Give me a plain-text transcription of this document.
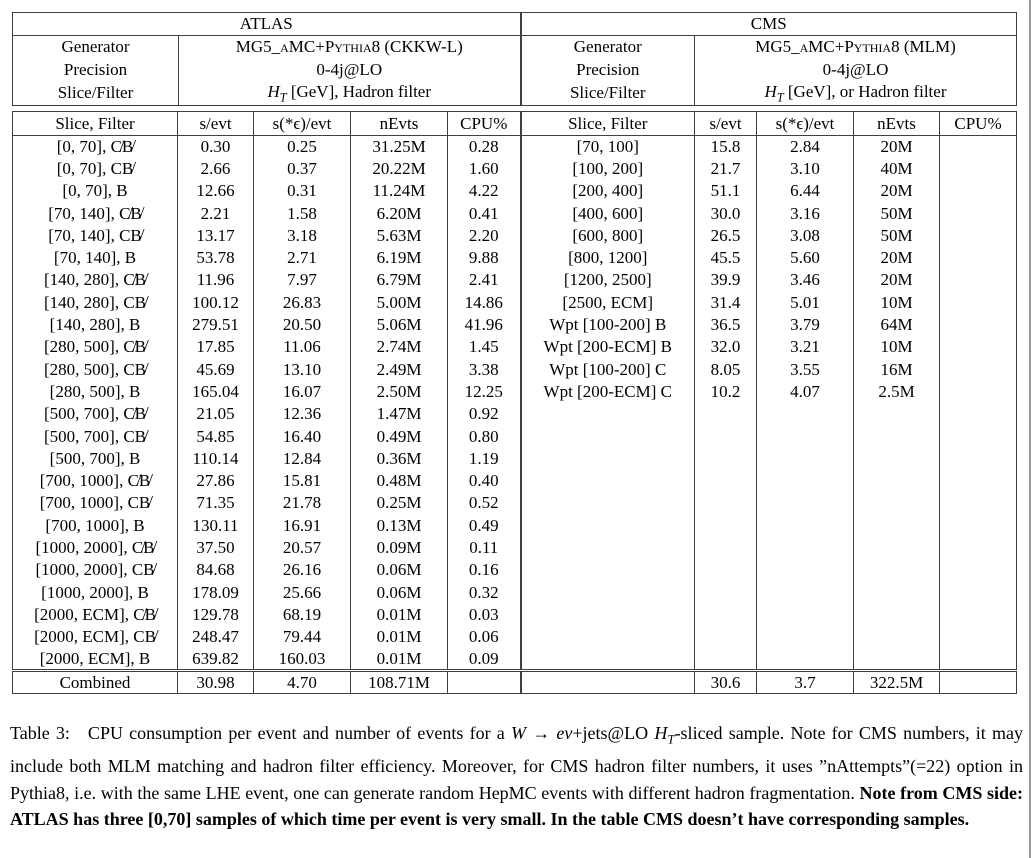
ATLAS		CMS	
Generator	MG5_aMC+Pythia8 (CKKW-L)	Generator	MG5_aMC+Pythia8 (MLM)
Precision	0-4j@LO	Precision	0-4j@LO
Slice/Filter	$H_T$ [GeV], Hadron filter	Slice/Filter	$H_T$ [GeV], or Hadron filter
Slice, Filter	s/evt	s(*ϵ)/evt	nEvts	CPU%	Slice, Filter	s/evt	s(*ϵ)/evt	nEvts	CPU%
[0, 70], C̸B̸	0.30	0.25	31.25M	0.28	[70, 100]	15.8	2.84	20M	
[0, 70], CB̸	2.66	0.37	20.22M	1.60	[100, 200]	21.7	3.10	40M	
[0, 70], B	12.66	0.31	11.24M	4.22	[200, 400]	51.1	6.44	20M	
[70, 140], C̸B̸	2.21	1.58	6.20M	0.41	[400, 600]	30.0	3.16	50M	
[70, 140], CB̸	13.17	3.18	5.63M	2.20	[600, 800]	26.5	3.08	50M	
[70, 140], B	53.78	2.71	6.19M	9.88	[800, 1200]	45.5	5.60	20M	
[140, 280], C̸B̸	11.96	7.97	6.79M	2.41	[1200, 2500]	39.9	3.46	20M	
[140, 280], CB̸	100.12	26.83	5.00M	14.86	[2500, ECM]	31.4	5.01	10M	
[140, 280], B	279.51	20.50	5.06M	41.96	Wpt [100-200] B	36.5	3.79	64M	
[280, 500], C̸B̸	17.85	11.06	2.74M	1.45	Wpt [200-ECM] B	32.0	3.21	10M	
[280, 500], CB̸	45.69	13.10	2.49M	3.38	Wpt [100-200] C	8.05	3.55	16M	
[280, 500], B	165.04	16.07	2.50M	12.25	Wpt [200-ECM] C	10.2	4.07	2.5M	
[500, 700], C̸B̸	21.05	12.36	1.47M	0.92					
[500, 700], CB̸	54.85	16.40	0.49M	0.80					
[500, 700], B	110.14	12.84	0.36M	1.19					
[700, 1000], C̸B̸	27.86	15.81	0.48M	0.40					
[700, 1000], CB̸	71.35	21.78	0.25M	0.52					
[700, 1000], B	130.11	16.91	0.13M	0.49					
[1000, 2000], C̸B̸	37.50	20.57	0.09M	0.11					
[1000, 2000], CB̸	84.68	26.16	0.06M	0.16					
[1000, 2000], B	178.09	25.66	0.06M	0.32					
[2000, ECM], C̸B̸	129.78	68.19	0.01M	0.03					
[2000, ECM], CB̸	248.47	79.44	0.01M	0.06					
[2000, ECM], B	639.82	160.03	0.01M	0.09					
Combined	30.98	4.70	108.71M			30.6	3.7	322.5M	

Table 3: CPU consumption per event and number of events for a W → eν+jets@LO $H_T$-sliced sample. Note for CMS numbers, it may include both MLM matching and hadron filter efficiency. Moreover, for CMS hadron filter numbers, it uses ”nAttempts”(=22) option in Pythia8, i.e. with the same LHE event, one can generate random HepMC events with different hadron fragmentation. Note from CMS side: ATLAS has three [0,70] samples of which time per event is very small. In the table CMS doesn’t have corresponding samples.
